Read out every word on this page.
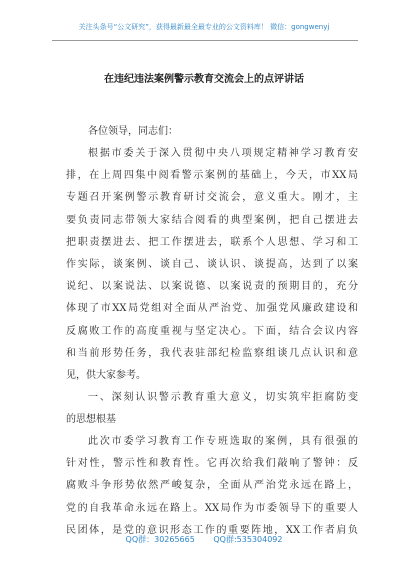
关注头条号“公文研究”，获得最新最全最专业的公文资料库！ 微信：gongwenyj
在违纪违法案例警示教育交流会上的点评讲话
各位领导，同志们：
根据市委关于深入贯彻中央八项规定精神学习教育安
排，在上周四集中阅看警示案例的基础上，今天，市XX局
专题召开案例警示教育研讨交流会，意义重大。刚才，主
要负责同志带领大家结合阅看的典型案例，把自己摆进去
把职责摆进去、把工作摆进去，联系个人思想、学习和工
作实际，谈案例、谈自己、谈认识、谈提高，达到了以案
说纪、以案说法、以案说德、以案说责的预期目的，充分
体现了市XX局党组对全面从严治党、加强党风廉政建设和
反腐败工作的高度重视与坚定决心。下面，结合会议内容
和当前形势任务，我代表驻部纪检监察组谈几点认识和意
见，供大家参考。
一、深刻认识警示教育重大意义，切实筑牢拒腐防变
的思想根基
此次市委学习教育工作专班选取的案例，具有很强的
针对性，警示性和教育性。它再次给我们敲响了警钟：反
腐败斗争形势依然严峻复杂，全面从严治党永远在路上，
党的自我革命永远在路上。XX局作为市委领导下的重要人
民团体，是党的意识形态工作的重要阵地，XX工作者肩负
QQ群：30265665 QQ群:535304092
